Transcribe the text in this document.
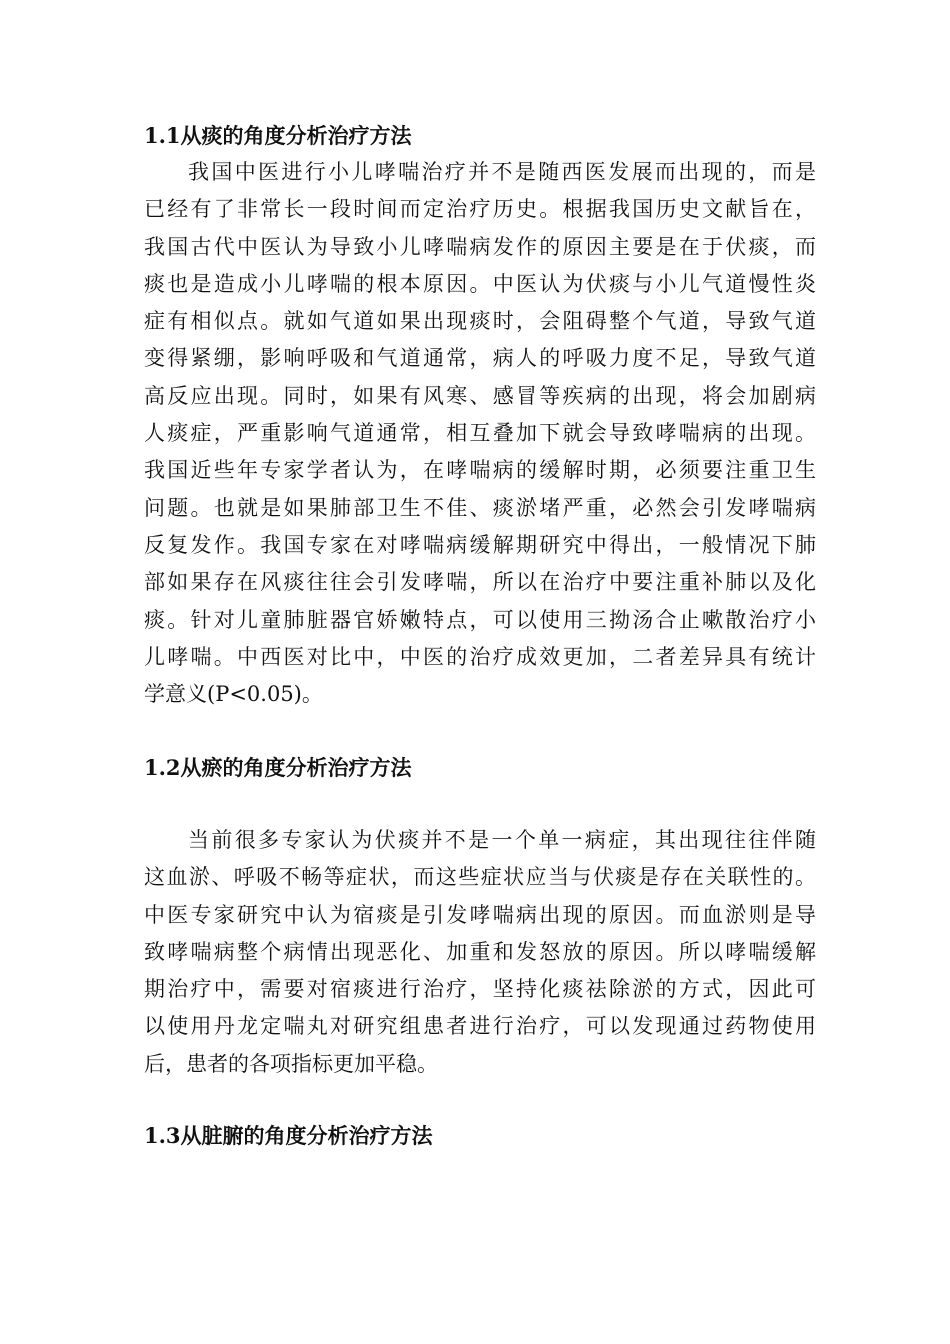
1.1从痰的角度分析治疗方法
我国中医进行小儿哮喘治疗并不是随西医发展而出现的，而是
已经有了非常长一段时间而定治疗历史。根据我国历史文献旨在，
我国古代中医认为导致小儿哮喘病发作的原因主要是在于伏痰，而
痰也是造成小儿哮喘的根本原因。中医认为伏痰与小儿气道慢性炎
症有相似点。就如气道如果出现痰时，会阻碍整个气道，导致气道
变得紧绷，影响呼吸和气道通常，病人的呼吸力度不足，导致气道
高反应出现。同时，如果有风寒、感冒等疾病的出现，将会加剧病
人痰症，严重影响气道通常，相互叠加下就会导致哮喘病的出现。
我国近些年专家学者认为，在哮喘病的缓解时期，必须要注重卫生
问题。也就是如果肺部卫生不佳、痰淤堵严重，必然会引发哮喘病
反复发作。我国专家在对哮喘病缓解期研究中得出，一般情况下肺
部如果存在风痰往往会引发哮喘，所以在治疗中要注重补肺以及化
痰。针对儿童肺脏器官娇嫩特点，可以使用三拗汤合止嗽散治疗小
儿哮喘。中西医对比中，中医的治疗成效更加，二者差异具有统计
学意义(P<0.05)。
1.2从瘀的角度分析治疗方法
当前很多专家认为伏痰并不是一个单一病症，其出现往往伴随
这血淤、呼吸不畅等症状，而这些症状应当与伏痰是存在关联性的。
中医专家研究中认为宿痰是引发哮喘病出现的原因。而血淤则是导
致哮喘病整个病情出现恶化、加重和发怒放的原因。所以哮喘缓解
期治疗中，需要对宿痰进行治疗，坚持化痰祛除淤的方式，因此可
以使用丹龙定喘丸对研究组患者进行治疗，可以发现通过药物使用
后，患者的各项指标更加平稳。
1.3从脏腑的角度分析治疗方法
